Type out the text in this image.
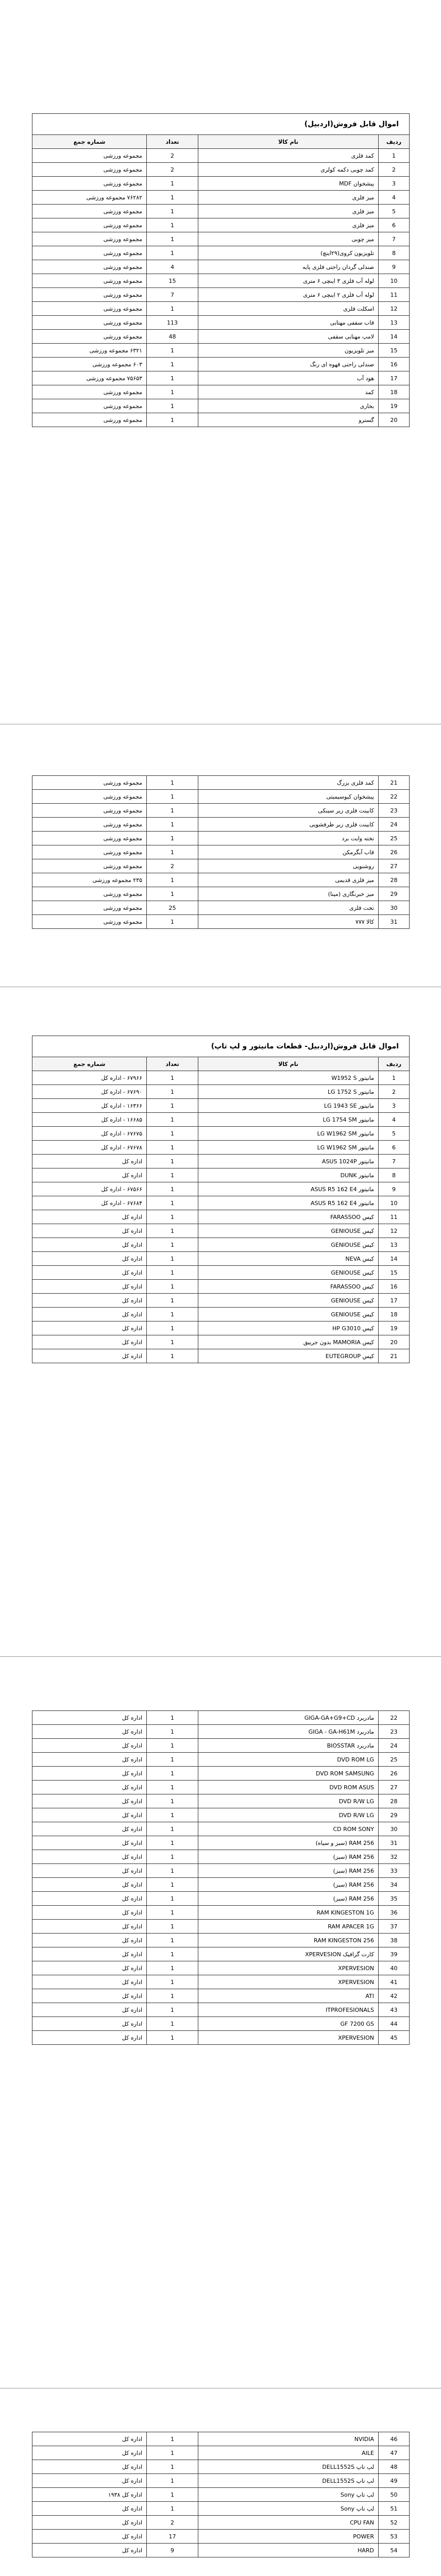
اموال قابل فروش(اردبیل)			
ردیف	نام کالا	تعداد	شماره جمع
1	کمد فلزی	2	مجموعه ورزشی
2	کمد چوبی دکمه کولری	2	مجموعه ورزشی
3	پیشخوان MDF	1	مجموعه ورزشی
4	میز فلزی	1	۷۶۲۸۲ مجموعه ورزشی
5	میز فلزی	1	مجموعه ورزشی
6	میز فلزی	1	مجموعه ورزشی
7	میز چوبی	1	مجموعه ورزشی
8	تلویزیون کروی(۲۹اینچ)	1	مجموعه ورزشی
9	صندلی گردان راحتی فلزی پایه	4	مجموعه ورزشی
10	لوله آب فلزی ۳ اینچی ۶ متری	15	مجموعه ورزشی
11	لوله آب فلزی ۲ اینچی ۶ متری	7	مجموعه ورزشی
12	اسکلت فلزی	1	مجموعه ورزشی
13	قاب سقفی مهتابی	113	مجموعه ورزشی
14	لامپ مهتابی سقفی	48	مجموعه ورزشی
15	میز تلویزیون	1	۶۳۲۱ مجموعه ورزشی
16	صندلی راحتی قهوه ای رنگ	1	۶۰۳ مجموعه ورزشی
17	هود آب	1	۷۵۶۵۳ مجموعه ورزشی
18	کمد	1	مجموعه ورزشی
19	بخاری	1	مجموعه ورزشی
20	گسترو	1	مجموعه ورزشی
21	کمد فلزی بزرگ	1	مجموعه ورزشی
22	پیشخوان کیوسیمیتی	1	مجموعه ورزشی
23	کابینت فلزی زیر سینکی	1	مجموعه ورزشی
24	کابینت فلزی زیر ظرفشویی	1	مجموعه ورزشی
25	تخته وایت برد	1	مجموعه ورزشی
26	قاب آبگرمکن	1	مجموعه ورزشی
27	روشنویی	2	مجموعه ورزشی
28	میز فلزی قدیمی	1	۲۳۵ مجموعه ورزشی
29	میز خبرنگاری (مینا)	1	مجموعه ورزشی
30	تخت فلزی	25	مجموعه ورزشی
31	کالا ۷۷۷	1	مجموعه ورزشی
اموال قابل فروش(اردبیل- قطعات مانیتور و لپ تاپ)			
ردیف	نام کالا	تعداد	شماره جمع
1	مانیتور W1952 S	1	۶۷۹۶۶ - اداره کل
2	مانیتور LG 1752 S	1	۶۷۶۹۰ - اداره کل
3	مانیتور LG 1943 SE	1	۱۶۳۶۶ - اداره کل
4	مانیتور LG 1754 SM	1	۱۶۶۸۵ - اداره کل
5	مانیتور LG W1962 SM	1	۶۷۶۷۵ - اداره کل
6	مانیتور LG W1962 SM	1	۶۷۶۷۸ - اداره کل
7	مانیتور ASUS 1024P	1	اداره کل
8	مانیتور DUNK	1	اداره کل
9	مانیتور ASUS R5 162 E4	1	۶۷۵۶۶ - اداره کل
10	مانیتور ASUS R5 162 E4	1	۶۷۶۸۴ - اداره کل
11	کیس FARASSOO	1	اداره کل
12	کیس GENIOUSE	1	اداره کل
13	کیس GENIOUSE	1	اداره کل
14	کیس NEVA	1	اداره کل
15	کیس GENIOUSE	1	اداره کل
16	کیس FARASSOO	1	اداره کل
17	کیس GENIOUSE	1	اداره کل
18	کیس GENIOUSE	1	اداره کل
19	کیس HP G3010	1	اداره کل
20	کیس MAMORIA بدون جرییق	1	اداره کل
21	کیس EUTEGROUP	1	اداره کل
22	مادربرد GIGA-GA+G9+CD	1	اداره کل
23	مادربرد GIGA - GA-H61M	1	اداره کل
24	مادربرد BIOSSTAR	1	اداره کل
25	DVD ROM LG	1	اداره کل
26	DVD ROM SAMSUNG	1	اداره کل
27	DVD ROM ASUS	1	اداره کل
28	DVD R/W LG	1	اداره کل
29	DVD R/W LG	1	اداره کل
30	CD ROM SONY	1	اداره کل
31	RAM 256 (سبز و سیاه)	1	اداره کل
32	RAM 256 (سبز)	1	اداره کل
33	RAM 256 (سبز)	1	اداره کل
34	RAM 256 (سبز)	1	اداره کل
35	RAM 256 (سبز)	1	اداره کل
36	RAM KINGESTON 1G	1	اداره کل
37	RAM APACER 1G	1	اداره کل
38	RAM KINGESTON 256	1	اداره کل
39	کارت گرافیک XPERVESION	1	اداره کل
40	XPERVESION	1	اداره کل
41	XPERVESION	1	اداره کل
42	ATI	1	اداره کل
43	ITPROFESIONALS	1	اداره کل
44	GF 7200 GS	1	اداره کل
45	XPERVESION	1	اداره کل
46	NVIDIA	1	اداره کل
47	AILE	1	اداره کل
48	لپ تاپ DELL1552S	1	اداره کل
49	لپ تاپ DELL1552S	1	اداره کل
50	لپ تاپ Sony	1	اداره کل ۱۹۳۸
51	لپ تاپ Sony	1	اداره کل
52	CPU FAN	2	اداره کل
53	POWER	17	اداره کل
54	HARD	9	اداره کل
